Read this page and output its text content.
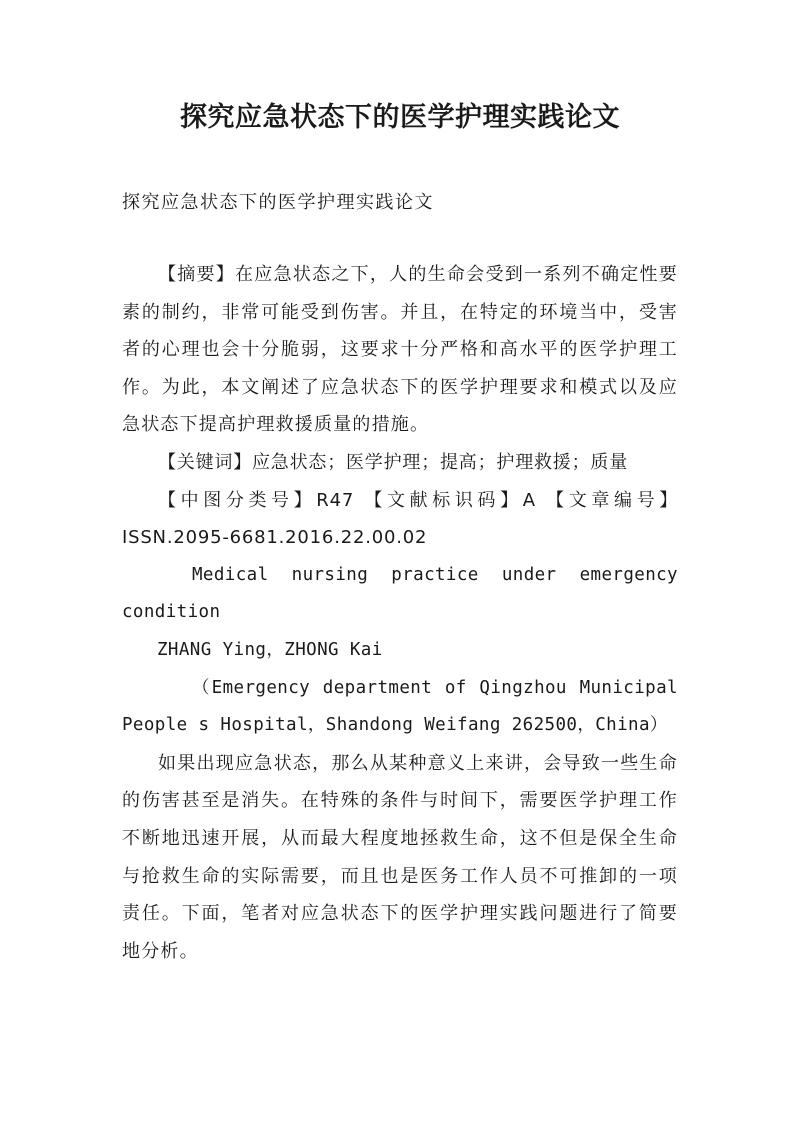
探究应急状态下的医学护理实践论文
探究应急状态下的医学护理实践论文

【摘要】在应急状态之下，人的生命会受到一系列不确定性要素的制约，非常可能受到伤害。并且，在特定的环境当中，受害者的心理也会十分脆弱，这要求十分严格和高水平的医学护理工作。为此，本文阐述了应急状态下的医学护理要求和模式以及应急状态下提高护理救援质量的措施。

【关键词】应急状态；医学护理；提高；护理救援；质量

【中图分类号】R47 【文献标识码】A 【文章编号】ISSN.2095-6681.2016.22.00.02

Medical nursing practice under emergency condition

ZHANG Ying，ZHONG Kai

（Emergency department of Qingzhou Municipal People s Hospital，Shandong Weifang 262500，China）

如果出现应急状态，那么从某种意义上来讲，会导致一些生命的伤害甚至是消失。在特殊的条件与时间下，需要医学护理工作不断地迅速开展，从而最大程度地拯救生命，这不但是保全生命与抢救生命的实际需要，而且也是医务工作人员不可推卸的一项责任。下面，笔者对应急状态下的医学护理实践问题进行了简要地分析。
